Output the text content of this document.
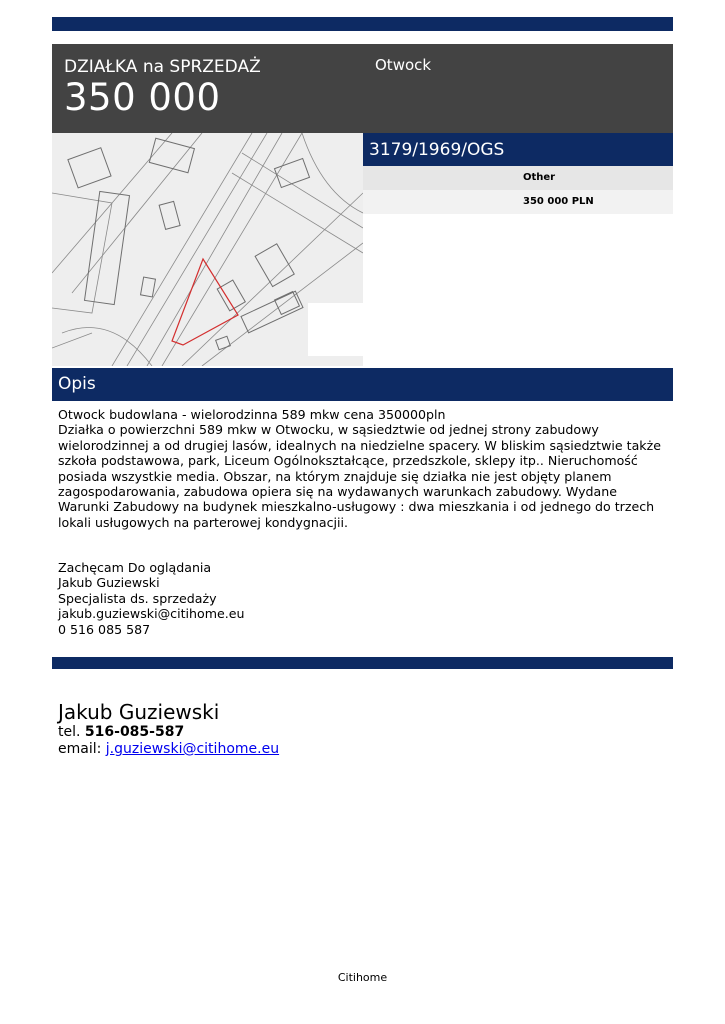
DZIAŁKA na SPRZEDAŻ
350 000
Otwock
3179/1969/OGS
Other
350 000 PLN
Opis

Otwock budowlana - wielorodzinna 589 mkw cena 350000pln

Działka o powierzchni 589 mkw w Otwocku, w sąsiedztwie od jednej strony zabudowy wielorodzinnej a od drugiej lasów, idealnych na niedzielne spacery. W bliskim sąsiedztwie także szkoła podstawowa, park, Liceum Ogólnokształcące, przedszkole, sklepy itp.. Nieruchomość posiada wszystkie media. Obszar, na którym znajduje się działka nie jest objęty planem zagospodarowania, zabudowa opiera się na wydawanych warunkach zabudowy. Wydane Warunki Zabudowy na budynek mieszkalno-usługowy : dwa mieszkania i od jednego do trzech lokali usługowych na parterowej kondygnacjii.

Zachęcam Do oglądania
Jakub Guziewski
Specjalista ds. sprzedaży
jakub.guziewski@citihome.eu
0 516 085 587
Jakub Guziewski
tel. 516-085-587
email: j.guziewski@citihome.eu
Citihome
